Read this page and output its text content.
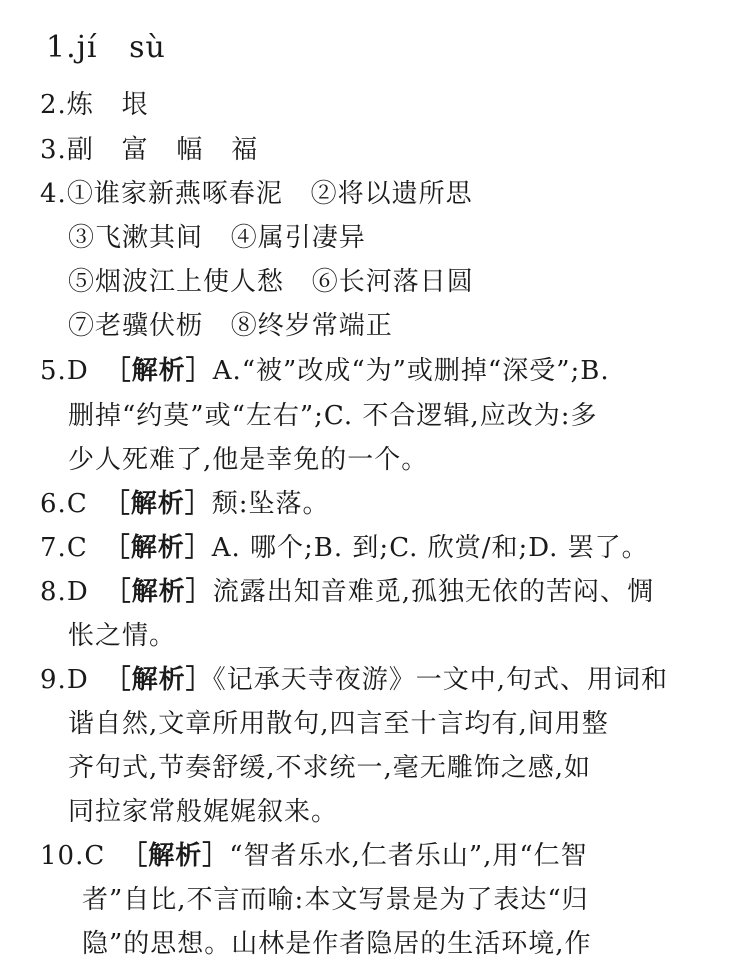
1.jí   sù
2.炼   垠
3.副   富   幅   福
4.①谁家新燕啄春泥   ②将以遗所思
③飞漱其间   ④属引凄异
⑤烟波江上使人愁   ⑥长河落日圆
⑦老骥伏枥   ⑧终岁常端正
5.D ［解析］A.“被”改成“为”或删掉“深受”;B.
删掉“约莫”或“左右”;C. 不合逻辑,应改为:多
少人死难了,他是幸免的一个。
6.C ［解析］颓:坠落。
7.C ［解析］A. 哪个;B. 到;C. 欣赏/和;D. 罢了。
8.D ［解析］流露出知音难觅,孤独无依的苦闷、惆
怅之情。
9.D ［解析］《记承天寺夜游》一文中,句式、用词和
谐自然,文章所用散句,四言至十言均有,间用整
齐句式,节奏舒缓,不求统一,毫无雕饰之感,如
同拉家常般娓娓叙来。
10.C ［解析］“智者乐水,仁者乐山”,用“仁智
者”自比,不言而喻:本文写景是为了表达“归
隐”的思想。山林是作者隐居的生活环境,作
